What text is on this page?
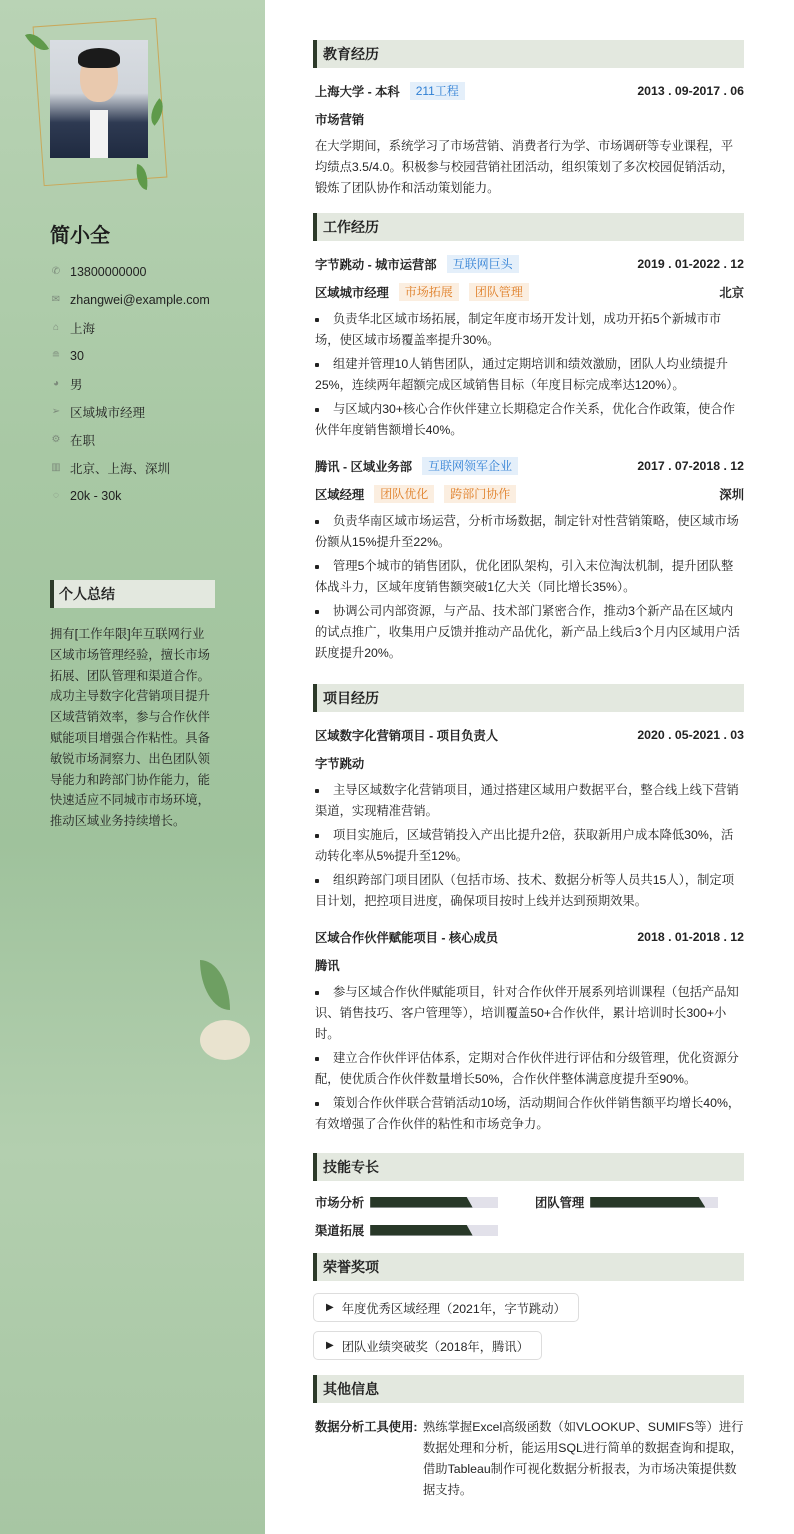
简小全
✆ 13800000000
✉ zhangwei@example.com
⌂ 上海
≘ 30
◕ 男
➢ 区域城市经理
⚙ 在职
▥ 北京、上海、深圳
◌ 20k - 30k
个人总结
拥有[工作年限]年互联网行业区域市场管理经验，擅长市场拓展、团队管理和渠道合作。成功主导数字化营销项目提升区域营销效率，参与合作伙伴赋能项目增强合作粘性。具备敏锐市场洞察力、出色团队领导能力和跨部门协作能力，能快速适应不同城市市场环境，推动区域业务持续增长。
教育经历
上海大学 - 本科	211工程	2013 . 09-2017 . 06
市场营销

在大学期间，系统学习了市场营销、消费者行为学、市场调研等专业课程，平均绩点3.5/4.0。积极参与校园营销社团活动，组织策划了多次校园促销活动，锻炼了团队协作和活动策划能力。

工作经历
字节跳动 - 城市运营部	互联网巨头	2019 . 01-2022 . 12
区域城市经理	市场拓展	团队管理	北京
负责华北区域市场拓展，制定年度市场开发计划，成功开拓5个新城市市场，使区域市场覆盖率提升30%。
组建并管理10人销售团队，通过定期培训和绩效激励，团队人均业绩提升25%，连续两年超额完成区域销售目标（年度目标完成率达120%）。
与区域内30+核心合作伙伴建立长期稳定合作关系，优化合作政策，使合作伙伴年度销售额增长40%。
腾讯 - 区域业务部	互联网领军企业	2017 . 07-2018 . 12
区域经理	团队优化	跨部门协作	深圳
负责华南区域市场运营，分析市场数据，制定针对性营销策略，使区域市场份额从15%提升至22%。
管理5个城市的销售团队，优化团队架构，引入末位淘汰机制，提升团队整体战斗力，区域年度销售额突破1亿大关（同比增长35%）。
协调公司内部资源，与产品、技术部门紧密合作，推动3个新产品在区域内的试点推广，收集用户反馈并推动产品优化，新产品上线后3个月内区域用户活跃度提升20%。
项目经历
区域数字化营销项目 - 项目负责人	2020 . 05-2021 . 03
字节跳动
主导区域数字化营销项目，通过搭建区域用户数据平台，整合线上线下营销渠道，实现精准营销。
项目实施后，区域营销投入产出比提升2倍，获取新用户成本降低30%，活动转化率从5%提升至12%。
组织跨部门项目团队（包括市场、技术、数据分析等人员共15人），制定项目计划，把控项目进度，确保项目按时上线并达到预期效果。
区域合作伙伴赋能项目 - 核心成员	2018 . 01-2018 . 12
腾讯
参与区域合作伙伴赋能项目，针对合作伙伴开展系列培训课程（包括产品知识、销售技巧、客户管理等），培训覆盖50+合作伙伴，累计培训时长300+小时。
建立合作伙伴评估体系，定期对合作伙伴进行评估和分级管理，优化资源分配，使优质合作伙伴数量增长50%，合作伙伴整体满意度提升至90%。
策划合作伙伴联合营销活动10场，活动期间合作伙伴销售额平均增长40%，有效增强了合作伙伴的粘性和市场竞争力。
技能专长
市场分析	团队管理
渠道拓展
荣誉奖项
▶ 年度优秀区域经理（2021年，字节跳动）

▶ 团队业绩突破奖（2018年，腾讯）
其他信息
数据分析工具使用: 熟练掌握Excel高级函数（如VLOOKUP、SUMIFS等）进行数据处理和分析，能运用SQL进行简单的数据查询和提取，借助Tableau制作可视化数据分析报表，为市场决策提供数据支持。
